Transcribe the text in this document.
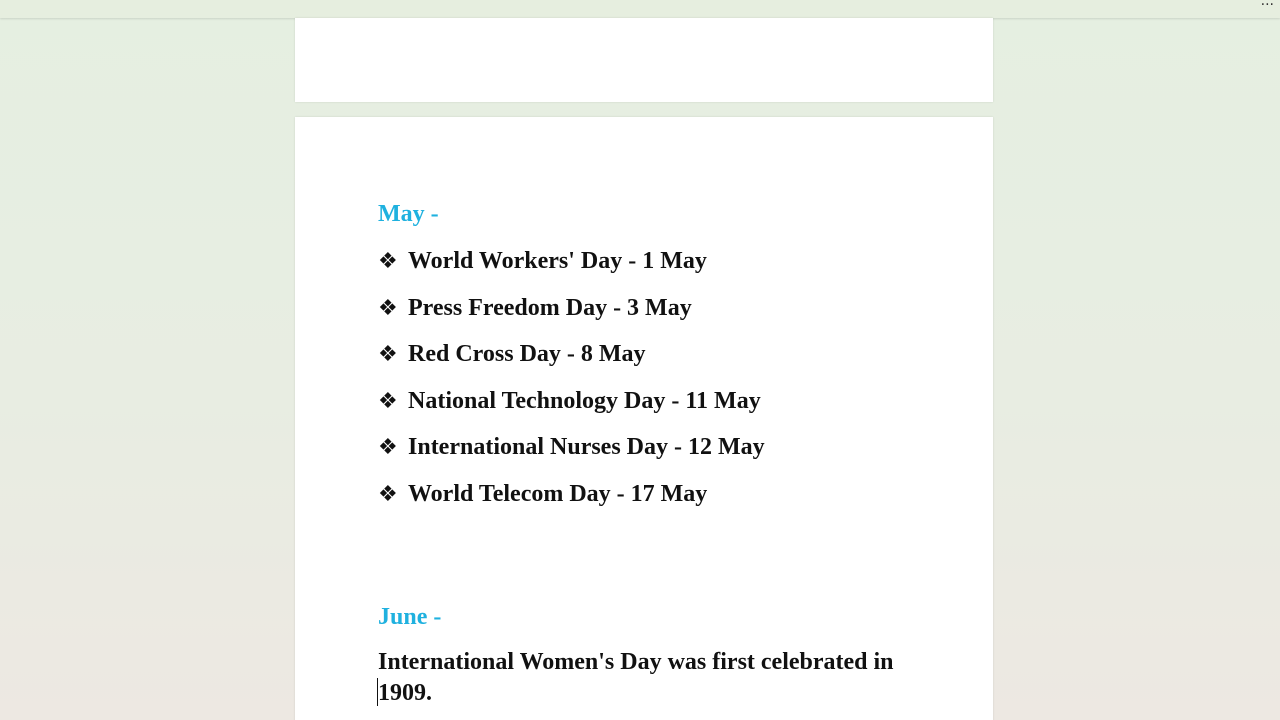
···
May -
❖ World Workers' Day - 1 May
❖ Press Freedom Day - 3 May
❖ Red Cross Day - 8 May
❖ National Technology Day - 11 May
❖ International Nurses Day - 12 May
❖ World Telecom Day - 17 May
June -

International Women's Day was first celebrated in 1909.
